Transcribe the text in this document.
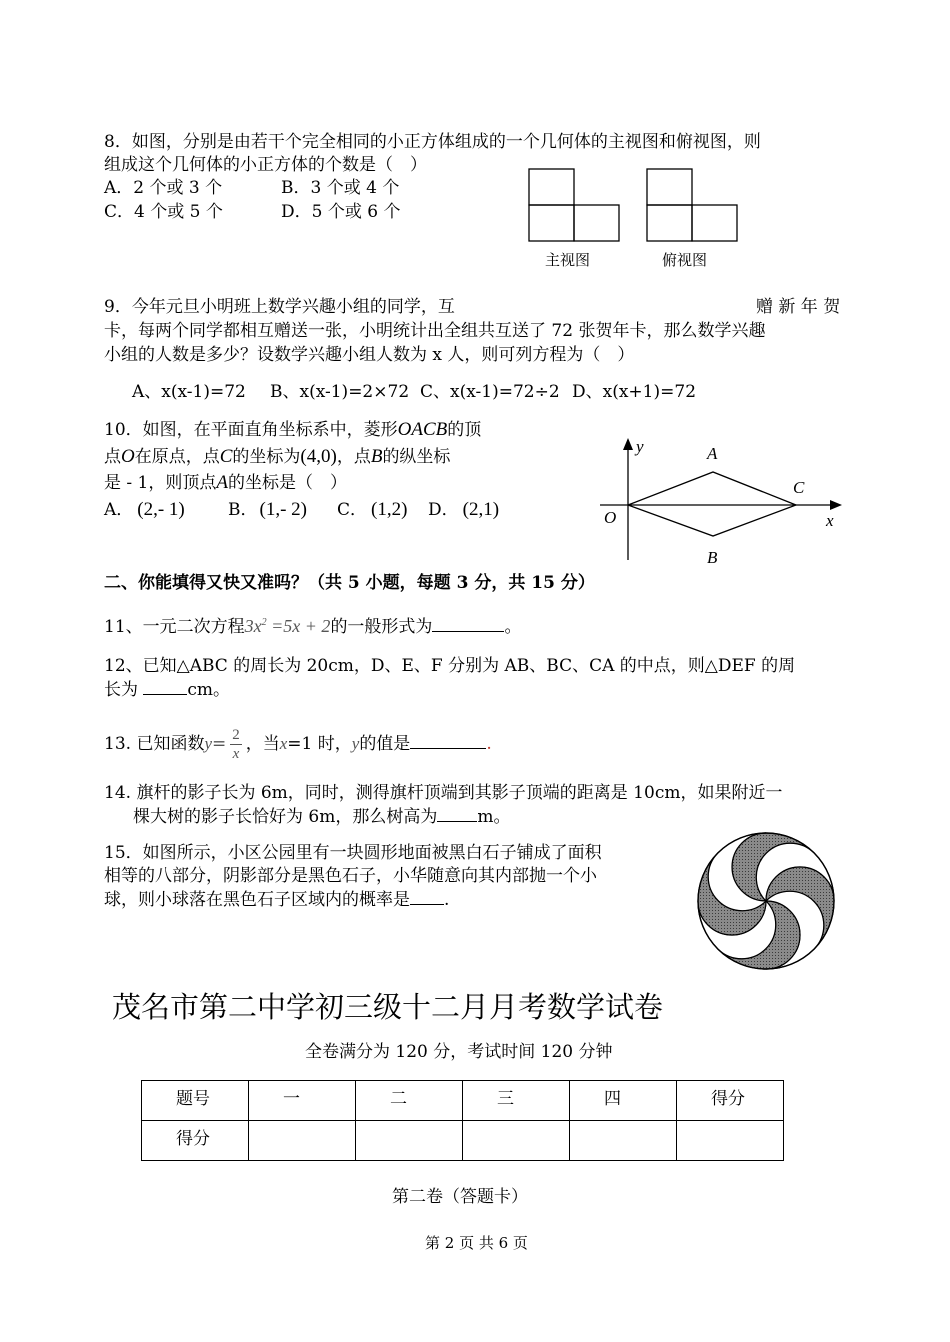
8．如图，分别是由若干个完全相同的小正方体组成的一个几何体的主视图和俯视图，则
组成这个几何体的小正方体的个数是（　）
A．2 个或 3 个	B．3 个或 4 个
C．4 个或 5 个	D．5 个或 6 个
主视图	俯视图
9．今年元旦小明班上数学兴趣小组的同学，互	赠 新 年 贺
卡，每两个同学都相互赠送一张，小明统计出全组共互送了 72 张贺年卡，那么数学兴趣
小组的人数是多少？设数学兴趣小组人数为 x 人，则可列方程为（　）
A、x(x-1)=72 B、x(x-1)=2×72 C、x(x-1)=72÷2 D、x(x+1)=72
10．如图，在平面直角坐标系中，菱形OACB的顶
点O在原点，点C的坐标为(4,0)，点B的纵坐标
是 - 1，则顶点A的坐标是（　）
A． (2,- 1)	B． (1,- 2) C． (1,2) D． (2,1)
y
x
A
B
C
O
二、你能填得又快又准吗？（共 5 小题，每题 3 分，共 15 分）
11、一元二次方程$3x^2 =5x + 2$的一般形式为	。
12、已知△ABC 的周长为 20cm，D、E、F 分别为 AB、BC、CA 的中点，则△DEF 的周
长为	cm。
13. 已知函数$y= \frac{2}{x}$ ，当x=1 时，y的值是	.
14. 旗杆的影子长为 6m，同时，测得旗杆顶端到其影子顶端的距离是 10cm，如果附近一
棵大树的影子长恰好为 6m，那么树高为 m。
15．如图所示，小区公园里有一块圆形地面被黑白石子铺成了面积
相等的八部分，阴影部分是黑色石子，小华随意向其内部抛一个小
球，则小球落在黑色石子区域内的概率是 .
茂名市第二中学初三级十二月月考数学试卷
全卷满分为 120 分，考试时间 120 分钟
题号	一	二	三	四	得分
得分					
第二卷（答题卡）
第 2 页 共 6 页
